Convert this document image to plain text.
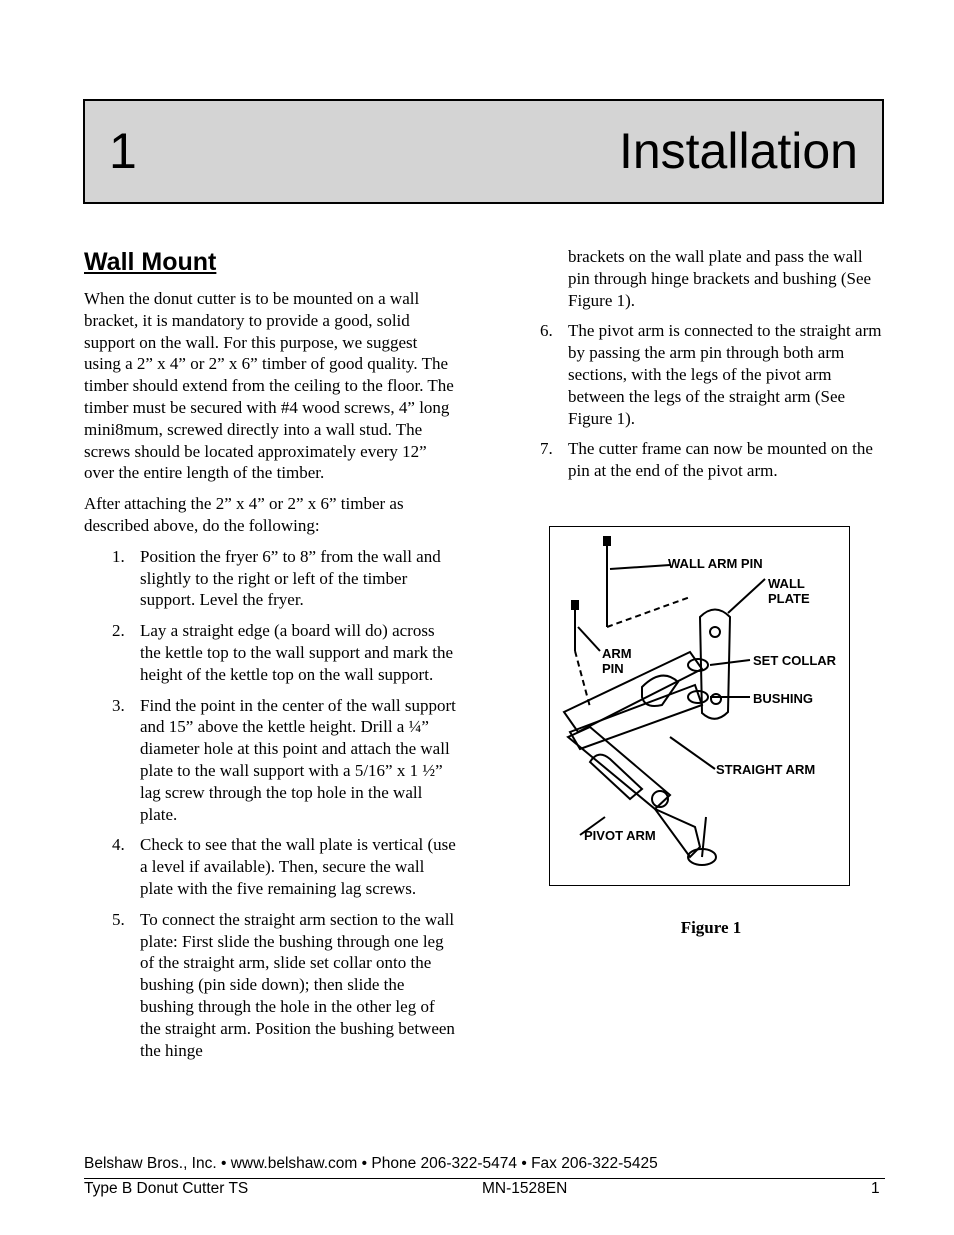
1	Installation
Wall Mount

When the donut cutter is to be mounted on a wall bracket, it is mandatory to provide a good, solid support on the wall. For this purpose, we suggest using a 2” x 4” or 2” x 6” timber of good quality. The timber should extend from the ceiling to the floor. The timber must be secured with #4 wood screws, 4” long mini8mum, screwed directly into a wall stud. The screws should be located approximately every 12” over the entire length of the timber.

After attaching the 2” x 4” or 2” x 6” timber as described above, do the following:

1. Position the fryer 6” to 8” from the wall and slightly to the right or left of the timber support. Level the fryer.
2. Lay a straight edge (a board will do) across the kettle top to the wall support and mark the height of the kettle top on the wall support.
3. Find the point in the center of the wall support and 15” above the kettle height. Drill a ¼” diameter hole at this point and attach the wall plate to the wall support with a 5/16” x 1 ½” lag screw through the top hole in the wall plate.
4. Check to see that the wall plate is vertical (use a level if available). Then, secure the wall plate with the five remaining lag screws.
5. To connect the straight arm section to the wall plate: First slide the bushing through one leg of the straight arm, slide set collar onto the bushing (pin side down); then slide the bushing through the hole in the other leg of the straight arm. Position the bushing between the hinge
brackets on the wall plate and pass the wall pin through hinge brackets and bushing (See Figure 1).
6. The pivot arm is connected to the straight arm by passing the arm pin through both arm sections, with the legs of the pivot arm between the legs of the straight arm (See Figure 1).
7. The cutter frame can now be mounted on the pin at the end of the pivot arm.
WALL ARM PIN
WALL
PLATE
ARM
PIN
SET COLLAR
BUSHING
STRAIGHT ARM
PIVOT ARM
Figure 1
Belshaw Bros., Inc. • www.belshaw.com • Phone 206-322-5474 • Fax 206-322-5425
Type B Donut Cutter TS	MN-1528EN	1
